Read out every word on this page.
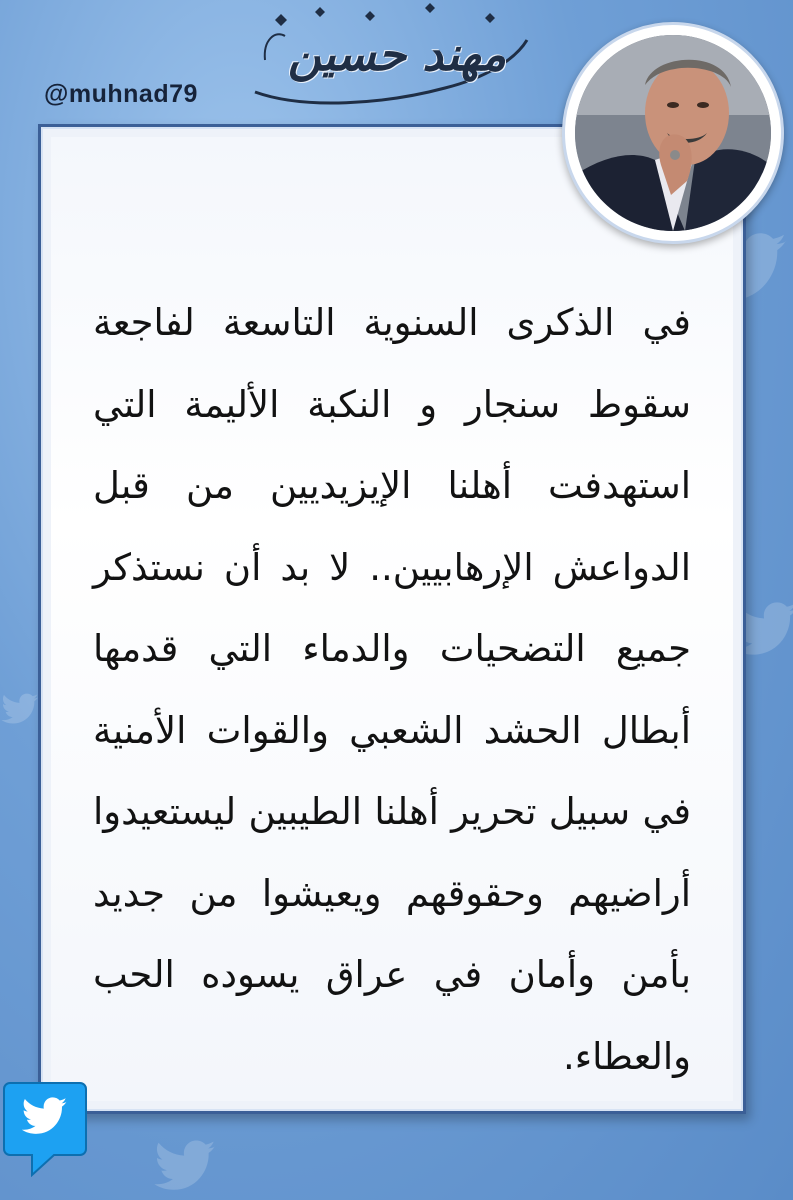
مهند حسين
@muhnad79

في الذكرى السنوية التاسعة لفاجعة سقوط سنجار و النكبة الأليمة التي استهدفت أهلنا الإيزيديين من قبل الدواعش الإرهابيين.. لا بد أن نستذكر جميع التضحيات والدماء التي قدمها أبطال الحشد الشعبي والقوات الأمنية في سبيل تحرير أهلنا الطيبين ليستعيدوا أراضيهم وحقوقهم ويعيشوا من جديد بأمن وأمان في عراق يسوده الحب والعطاء.
